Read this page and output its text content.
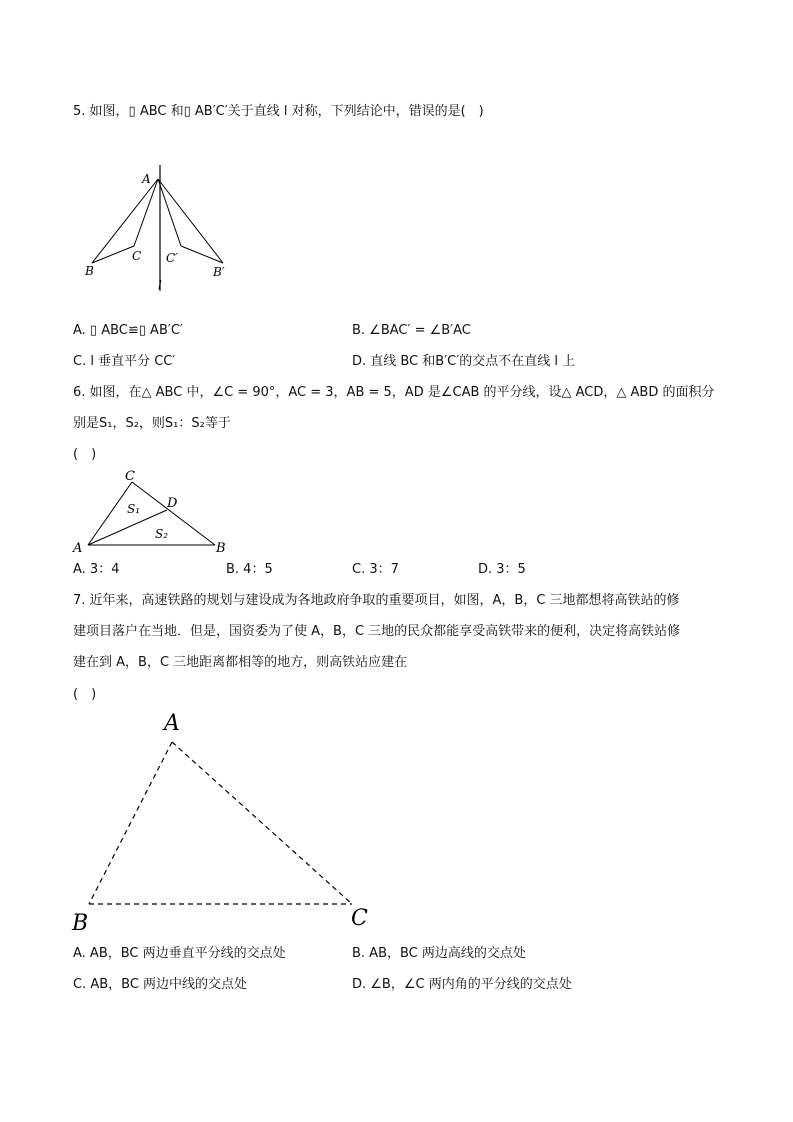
5. 如图，▯ ABC 和▯ AB′C′关于直线 l 对称，下列结论中，错误的是(　)
A
B
C C′
B′
l
A. ▯ ABC≌▯ AB′C′	B. ∠BAC′ = ∠B′AC
C. l 垂直平分 CC′	D. 直线 BC 和B′C′的交点不在直线 l 上
6. 如图，在△ ABC 中，∠C = 90°，AC = 3，AB = 5，AD 是∠CAB 的平分线，设△ ACD，△ ABD 的面积分
别是S₁，S₂，则S₁：S₂等于
(　)
C
D
A	B
S₁
S₂
A. 3：4	B. 4：5	C. 3：7	D. 3：5
7. 近年来，高速铁路的规划与建设成为各地政府争取的重要项目，如图，A，B，C 三地都想将高铁站的修
建项目落户在当地．但是，国资委为了使 A，B，C 三地的民众都能享受高铁带来的便利，决定将高铁站修
建在到 A，B，C 三地距离都相等的地方，则高铁站应建在
(　)
A
B	C
A. AB，BC 两边垂直平分线的交点处	B. AB，BC 两边高线的交点处
C. AB，BC 两边中线的交点处	D. ∠B，∠C 两内角的平分线的交点处
